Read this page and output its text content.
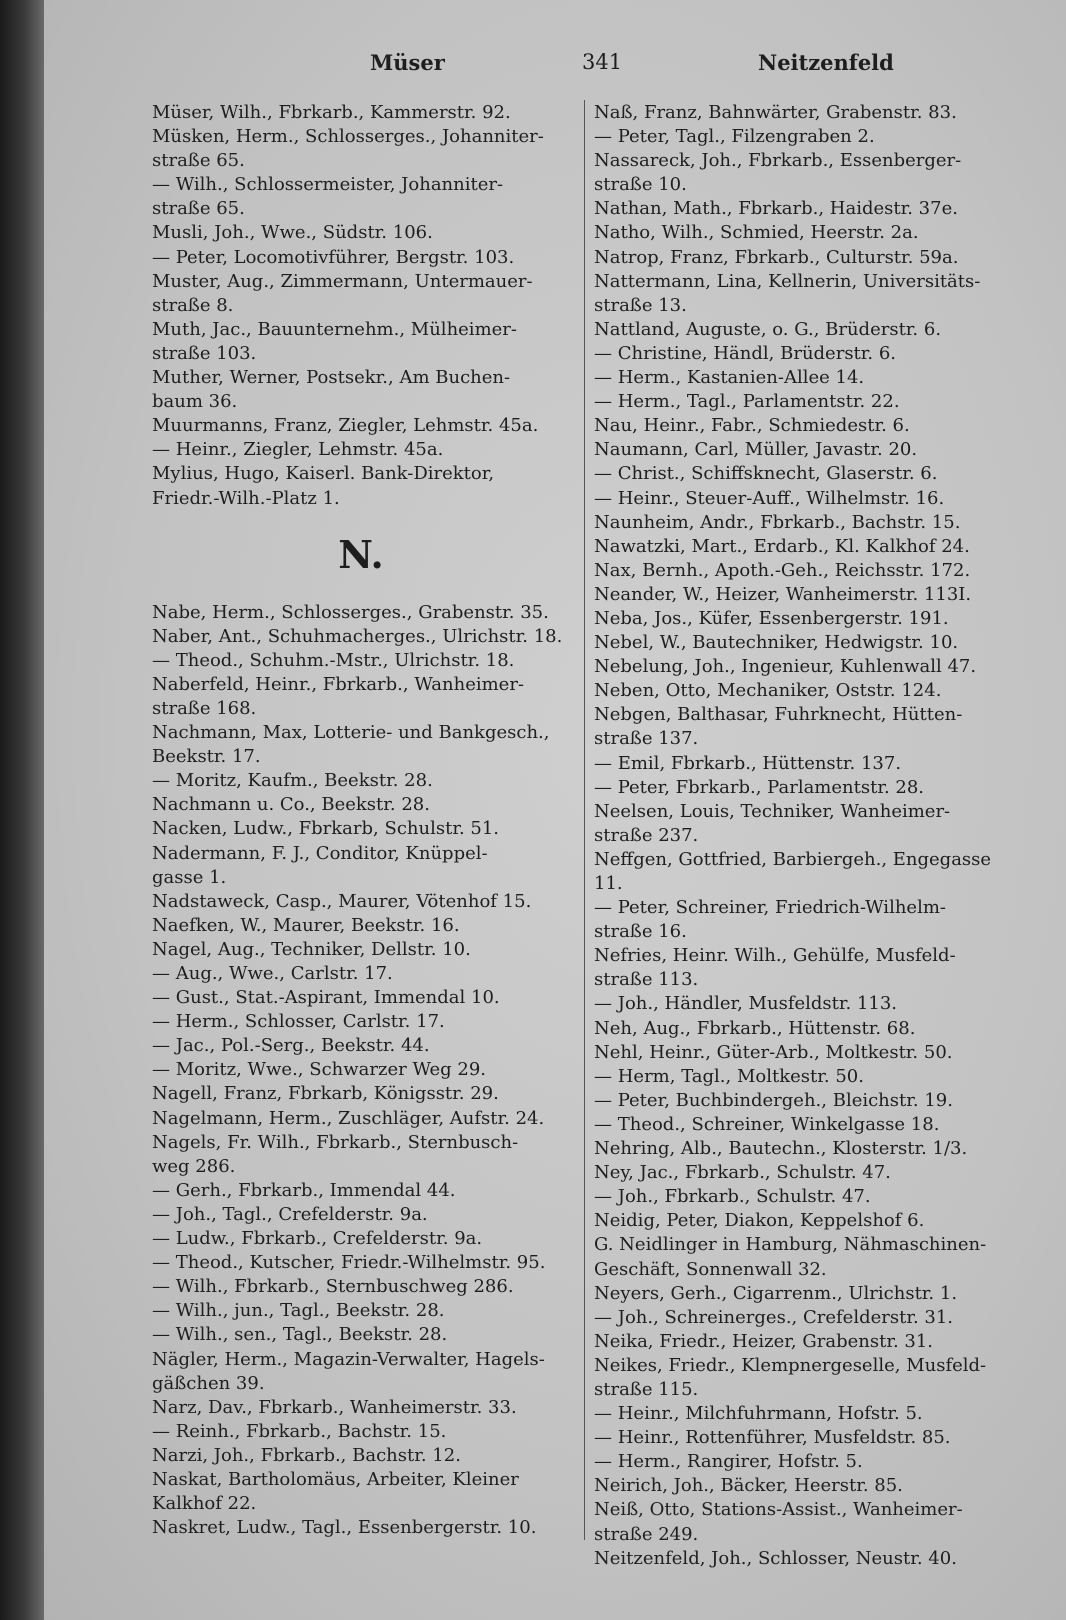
Müser	341	Neitzenfeld
Müser, Wilh., Fbrkarb., Kammerstr. 92.
Müsken, Herm., Schlosserges., Johanniter-
straße 65.
— Wilh., Schlossermeister, Johanniter-
straße 65.
Musli, Joh., Wwe., Südstr. 106.
— Peter, Locomotivführer, Bergstr. 103.
Muster, Aug., Zimmermann, Untermauer-
straße 8.
Muth, Jac., Bauunternehm., Mülheimer-
straße 103.
Muther, Werner, Postsekr., Am Buchen-
baum 36.
Muurmanns, Franz, Ziegler, Lehmstr. 45a.
— Heinr., Ziegler, Lehmstr. 45a.
Mylius, Hugo, Kaiserl. Bank-Direktor,
Friedr.-Wilh.-Platz 1.
N.
Nabe, Herm., Schlosserges., Grabenstr. 35.
Naber, Ant., Schuhmacherges., Ulrichstr. 18.
— Theod., Schuhm.-Mstr., Ulrichstr. 18.
Naberfeld, Heinr., Fbrkarb., Wanheimer-
straße 168.
Nachmann, Max, Lotterie- und Bankgesch.,
Beekstr. 17.
— Moritz, Kaufm., Beekstr. 28.
Nachmann u. Co., Beekstr. 28.
Nacken, Ludw., Fbrkarb, Schulstr. 51.
Nadermann, F. J., Conditor, Knüppel-
gasse 1.
Nadstaweck, Casp., Maurer, Vötenhof 15.
Naefken, W., Maurer, Beekstr. 16.
Nagel, Aug., Techniker, Dellstr. 10.
— Aug., Wwe., Carlstr. 17.
— Gust., Stat.-Aspirant, Immendal 10.
— Herm., Schlosser, Carlstr. 17.
— Jac., Pol.-Serg., Beekstr. 44.
— Moritz, Wwe., Schwarzer Weg 29.
Nagell, Franz, Fbrkarb, Königsstr. 29.
Nagelmann, Herm., Zuschläger, Aufstr. 24.
Nagels, Fr. Wilh., Fbrkarb., Sternbusch-
weg 286.
— Gerh., Fbrkarb., Immendal 44.
— Joh., Tagl., Crefelderstr. 9a.
— Ludw., Fbrkarb., Crefelderstr. 9a.
— Theod., Kutscher, Friedr.-Wilhelmstr. 95.
— Wilh., Fbrkarb., Sternbuschweg 286.
— Wilh., jun., Tagl., Beekstr. 28.
— Wilh., sen., Tagl., Beekstr. 28.
Nägler, Herm., Magazin-Verwalter, Hagels-
gäßchen 39.
Narz, Dav., Fbrkarb., Wanheimerstr. 33.
— Reinh., Fbrkarb., Bachstr. 15.
Narzi, Joh., Fbrkarb., Bachstr. 12.
Naskat, Bartholomäus, Arbeiter, Kleiner
Kalkhof 22.
Naskret, Ludw., Tagl., Essenbergerstr. 10.
Naß, Franz, Bahnwärter, Grabenstr. 83.
— Peter, Tagl., Filzengraben 2.
Nassareck, Joh., Fbrkarb., Essenberger-
straße 10.
Nathan, Math., Fbrkarb., Haidestr. 37e.
Natho, Wilh., Schmied, Heerstr. 2a.
Natrop, Franz, Fbrkarb., Culturstr. 59a.
Nattermann, Lina, Kellnerin, Universitäts-
straße 13.
Nattland, Auguste, o. G., Brüderstr. 6.
— Christine, Händl, Brüderstr. 6.
— Herm., Kastanien-Allee 14.
— Herm., Tagl., Parlamentstr. 22.
Nau, Heinr., Fabr., Schmiedestr. 6.
Naumann, Carl, Müller, Javastr. 20.
— Christ., Schiffsknecht, Glaserstr. 6.
— Heinr., Steuer-Auff., Wilhelmstr. 16.
Naunheim, Andr., Fbrkarb., Bachstr. 15.
Nawatzki, Mart., Erdarb., Kl. Kalkhof 24.
Nax, Bernh., Apoth.-Geh., Reichsstr. 172.
Neander, W., Heizer, Wanheimerstr. 113I.
Neba, Jos., Küfer, Essenbergerstr. 191.
Nebel, W., Bautechniker, Hedwigstr. 10.
Nebelung, Joh., Ingenieur, Kuhlenwall 47.
Neben, Otto, Mechaniker, Oststr. 124.
Nebgen, Balthasar, Fuhrknecht, Hütten-
straße 137.
— Emil, Fbrkarb., Hüttenstr. 137.
— Peter, Fbrkarb., Parlamentstr. 28.
Neelsen, Louis, Techniker, Wanheimer-
straße 237.
Neffgen, Gottfried, Barbiergeh., Engegasse 11.
— Peter, Schreiner, Friedrich-Wilhelm-
straße 16.
Nefries, Heinr. Wilh., Gehülfe, Musfeld-
straße 113.
— Joh., Händler, Musfeldstr. 113.
Neh, Aug., Fbrkarb., Hüttenstr. 68.
Nehl, Heinr., Güter-Arb., Moltkestr. 50.
— Herm, Tagl., Moltkestr. 50.
— Peter, Buchbindergeh., Bleichstr. 19.
— Theod., Schreiner, Winkelgasse 18.
Nehring, Alb., Bautechn., Klosterstr. 1/3.
Ney, Jac., Fbrkarb., Schulstr. 47.
— Joh., Fbrkarb., Schulstr. 47.
Neidig, Peter, Diakon, Keppelshof 6.
G. Neidlinger in Hamburg, Nähmaschinen-
Geschäft, Sonnenwall 32.
Neyers, Gerh., Cigarrenm., Ulrichstr. 1.
— Joh., Schreinerges., Crefelderstr. 31.
Neika, Friedr., Heizer, Grabenstr. 31.
Neikes, Friedr., Klempnergeselle, Musfeld-
straße 115.
— Heinr., Milchfuhrmann, Hofstr. 5.
— Heinr., Rottenführer, Musfeldstr. 85.
— Herm., Rangirer, Hofstr. 5.
Neirich, Joh., Bäcker, Heerstr. 85.
Neiß, Otto, Stations-Assist., Wanheimer-
straße 249.
Neitzenfeld, Joh., Schlosser, Neustr. 40.
